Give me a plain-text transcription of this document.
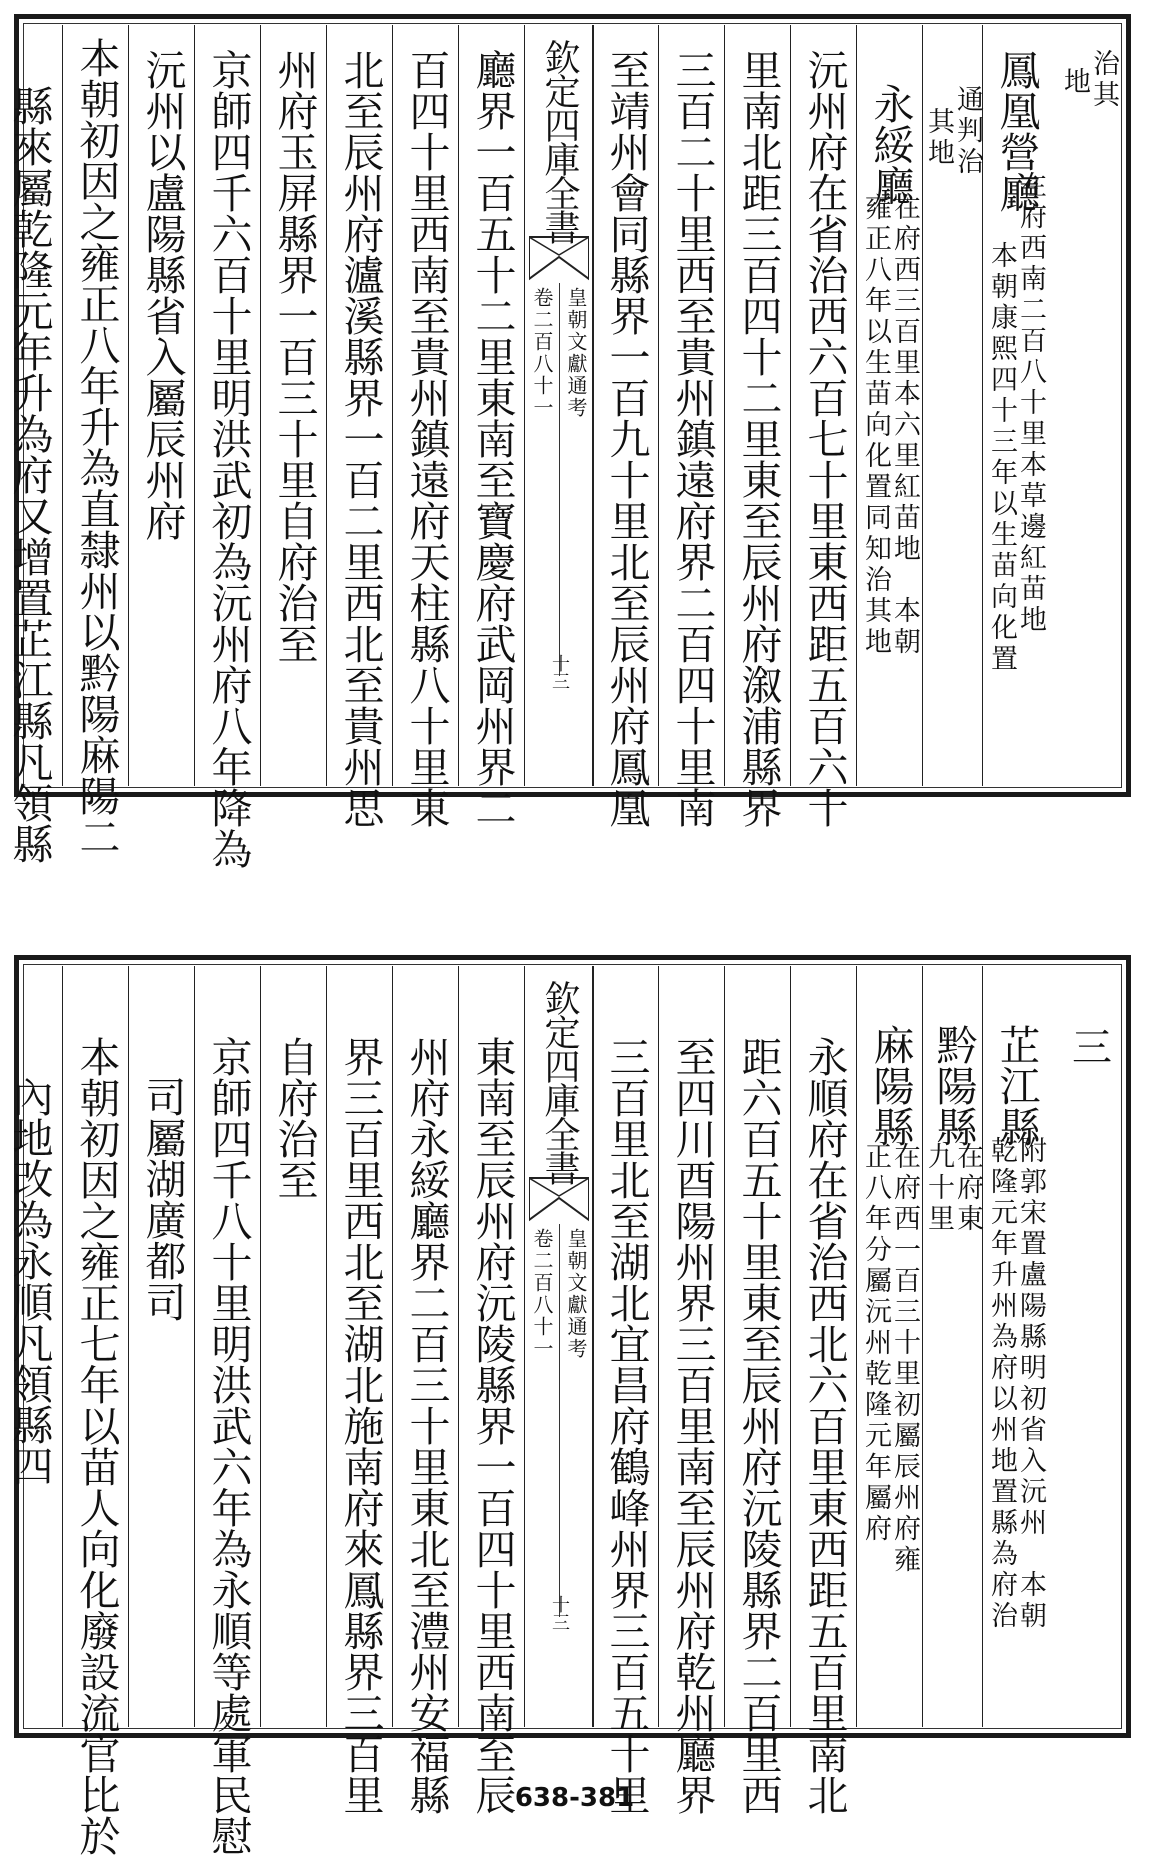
治其
地
鳳凰營廳
在府西南二百八十里本草邊紅苗地
本朝康熙四十三年以生苗向化置
通判治
其地
永綏廳
在府西三百里本六里紅苗地　本朝
雍正八年以生苗向化置同知治其地
沅州府在省治西六百七十里東西距五百六十
里南北距三百四十二里東至辰州府溆浦縣界
三百二十里西至貴州鎮遠府界二百四十里南
至靖州會同縣界一百九十里北至辰州府鳳凰
欽定四庫全書
皇朝文獻通考
卷二百八十一
十三
廳界一百五十二里東南至寶慶府武岡州界二
百四十里西南至貴州鎮遠府天柱縣八十里東
北至辰州府瀘溪縣界一百二里西北至貴州思
州府玉屏縣界一百三十里自府治至
京師四千六百十里明洪武初為沅州府八年降為
沅州以盧陽縣省入屬辰州府
本朝初因之雍正八年升為直隸州以黔陽麻陽二
縣來屬乾隆元年升為府又增置芷江縣凡領縣
三
芷江縣
附郭宋置盧陽縣明初省入沅州　本朝
乾隆元年升州為府以州地置縣為府治
黔陽縣
在府東
九十里
麻陽縣
在府西一百三十里初屬辰州府雍
正八年分屬沅州乾隆元年屬府
永順府在省治西北六百里東西距五百里南北
距六百五十里東至辰州府沅陵縣界二百里西
至四川酉陽州界三百里南至辰州府乾州廳界
三百里北至湖北宜昌府鶴峰州界三百五十里
欽定四庫全書
皇朝文獻通考
卷二百八十一
十三
東南至辰州府沅陵縣界一百四十里西南至辰
州府永綏廳界二百三十里東北至澧州安福縣
界三百里西北至湖北施南府來鳳縣界三百里
自府治至
京師四千八十里明洪武六年為永順等處軍民慰
司屬湖廣都司
本朝初因之雍正七年以苗人向化廢設流官比於
內地改為永順凡領縣四
638-381
